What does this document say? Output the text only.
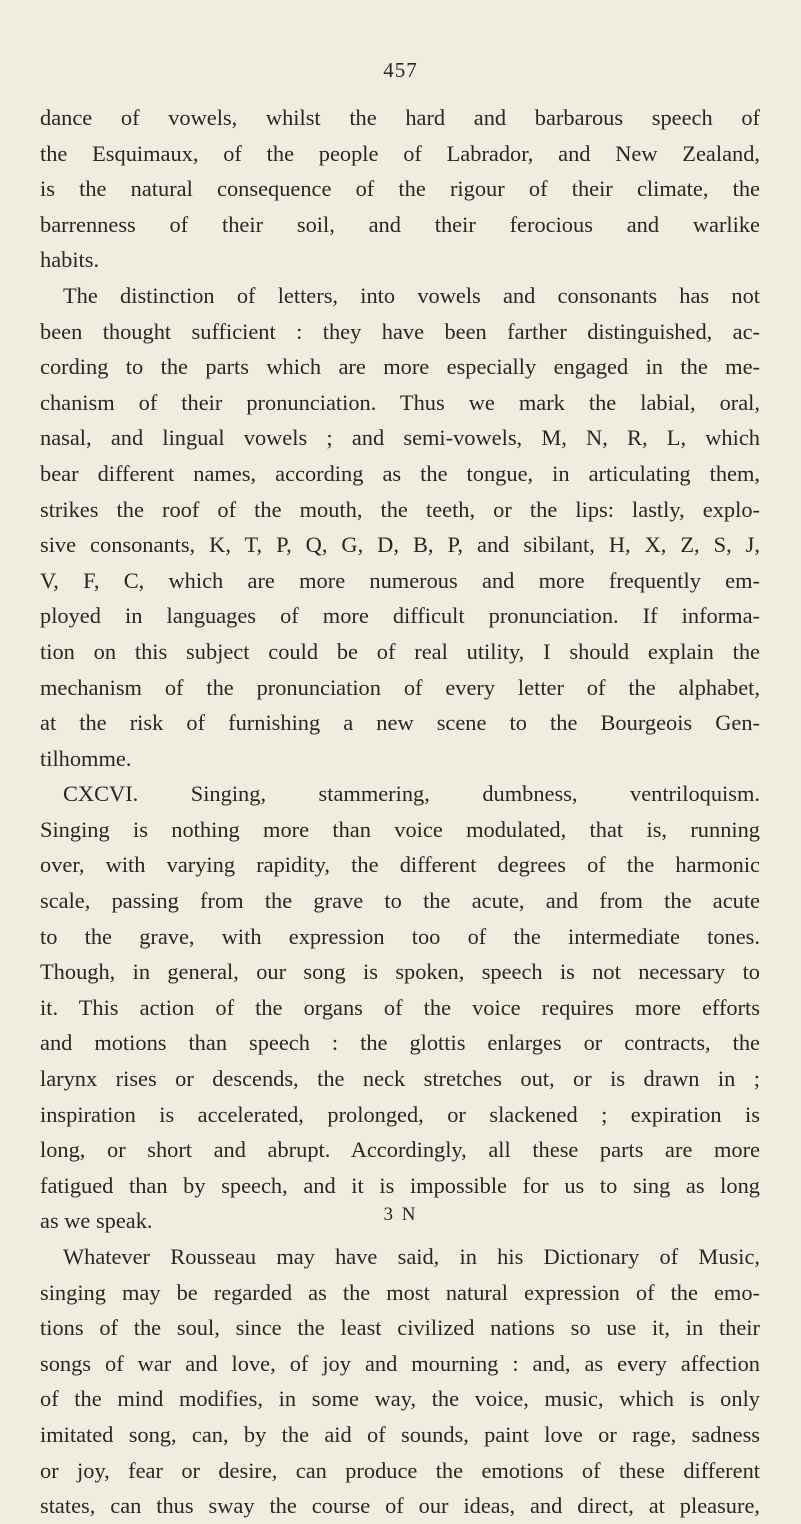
457
dance of vowels, whilst the hard and barbarous speech of
the Esquimaux, of the people of Labrador, and New Zealand,
is the natural consequence of the rigour of their climate, the
barrenness of their soil, and their ferocious and warlike
habits.
The distinction of letters, into vowels and consonants has not
been thought sufficient : they have been farther distinguished, ac-
cording to the parts which are more especially engaged in the me-
chanism of their pronunciation. Thus we mark the labial, oral,
nasal, and lingual vowels ; and semi-vowels, M, N, R, L, which
bear different names, according as the tongue, in articulating them,
strikes the roof of the mouth, the teeth, or the lips: lastly, explo-
sive consonants, K, T, P, Q, G, D, B, P, and sibilant, H, X, Z, S, J,
V, F, C, which are more numerous and more frequently em-
ployed in languages of more difficult pronunciation. If informa-
tion on this subject could be of real utility, I should explain the
mechanism of the pronunciation of every letter of the alphabet,
at the risk of furnishing a new scene to the Bourgeois Gen-
tilhomme.
CXCVI. Singing, stammering, dumbness, ventriloquism.
Singing is nothing more than voice modulated, that is, running
over, with varying rapidity, the different degrees of the harmonic
scale, passing from the grave to the acute, and from the acute
to the grave, with expression too of the intermediate tones.
Though, in general, our song is spoken, speech is not necessary to
it. This action of the organs of the voice requires more efforts
and motions than speech : the glottis enlarges or contracts, the
larynx rises or descends, the neck stretches out, or is drawn in ;
inspiration is accelerated, prolonged, or slackened ; expiration is
long, or short and abrupt. Accordingly, all these parts are more
fatigued than by speech, and it is impossible for us to sing as long
as we speak.
Whatever Rousseau may have said, in his Dictionary of Music,
singing may be regarded as the most natural expression of the emo-
tions of the soul, since the least civilized nations so use it, in their
songs of war and love, of joy and mourning : and, as every affection
of the mind modifies, in some way, the voice, music, which is only
imitated song, can, by the aid of sounds, paint love or rage, sadness
or joy, fear or desire, can produce the emotions of these different
states, can thus sway the course of our ideas, and direct, at pleasure,
3 N
